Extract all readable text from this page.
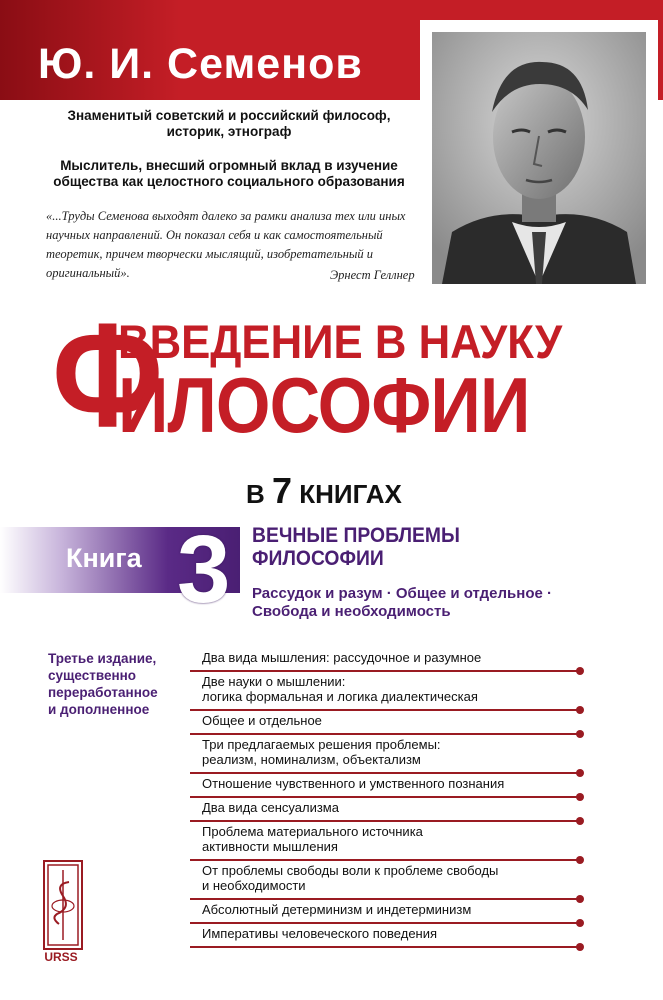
Ю. И. Семенов
Знаменитый советский и российский философ, историк, этнограф
Мыслитель, внесший огромный вклад в изучение общества как целостного социального образования
«...Труды Семенова выходят далеко за рамки анализа тех или иных научных направлений. Он показал себя и как самостоятельный теоретик, причем творчески мыслящий, изобретательный и оригинальный».	Эрнест Геллнер
Ф
ВВЕДЕНИЕ В НАУКУ
ИЛОСОФИИ
В 7 КНИГАХ
Книга 3 ВЕЧНЫЕ ПРОБЛЕМЫ
ФИЛОСОФИИ
Рассудок и разум · Общее и отдельное ·
Свобода и необходимость
Третье издание,
существенно
переработанное
и дополненное
Два вида мышления: рассудочное и разумное
Две науки о мышлении:
логика формальная и логика диалектическая
Общее и отдельное
Три предлагаемых решения проблемы:
реализм, номинализм, объектализм
Отношение чувственного и умственного познания
Два вида сенсуализма
Проблема материального источника
активности мышления
От проблемы свободы воли к проблеме свободы
и необходимости
Абсолютный детерминизм и индетерминизм
Императивы человеческого поведения
URSS
